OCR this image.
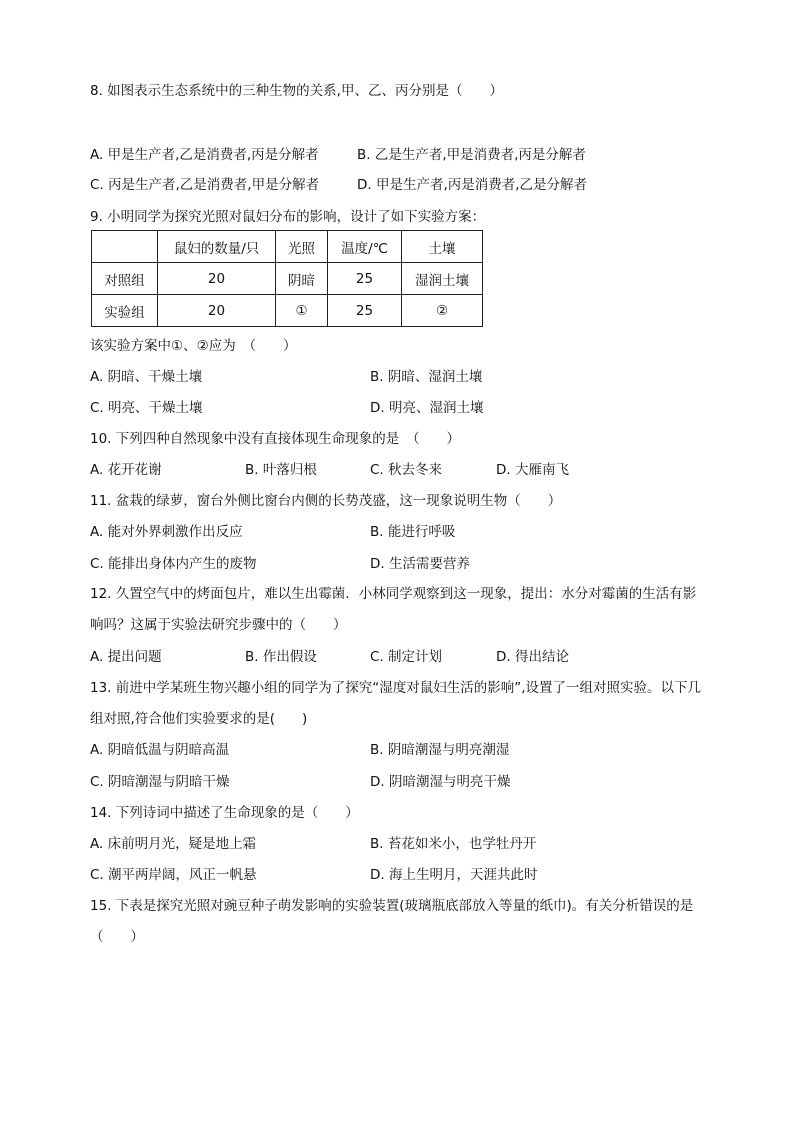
8. 如图表示生态系统中的三种生物的关系,甲、乙、丙分别是（　　）
A. 甲是生产者,乙是消费者,丙是分解者	B. 乙是生产者,甲是消费者,丙是分解者
C. 丙是生产者,乙是消费者,甲是分解者	D. 甲是生产者,丙是消费者,乙是分解者
9. 小明同学为探究光照对鼠妇分布的影响，设计了如下实验方案：
	鼠妇的数量/只	光照	温度/℃	土壤
对照组	20	阴暗	25	湿润土壤
实验组	20	①	25	②
该实验方案中①、②应为　（　　）
A. 阴暗、干燥土壤	B. 阴暗、湿润土壤
C. 明亮、干燥土壤	D. 明亮、湿润土壤
10. 下列四种自然现象中没有直接体现生命现象的是　（　　）
A. 花开花谢	B. 叶落归根	C. 秋去冬来	D. 大雁南飞
11. 盆栽的绿萝，窗台外侧比窗台内侧的长势茂盛，这一现象说明生物（　　）
A. 能对外界刺激作出反应	B. 能进行呼吸
C. 能排出身体内产生的废物	D. 生活需要营养
12. 久置空气中的烤面包片，难以生出霉菌．小林同学观察到这一现象，提出：水分对霉菌的生活有影响吗？这属于实验法研究步骤中的（　　）
A. 提出问题	B. 作出假设	C. 制定计划	D. 得出结论
13. 前进中学某班生物兴趣小组的同学为了探究“湿度对鼠妇生活的影响”,设置了一组对照实验。以下几组对照,符合他们实验要求的是(　　)
A. 阴暗低温与阴暗高温	B. 阴暗潮湿与明亮潮湿
C. 阴暗潮湿与阴暗干燥	D. 阴暗潮湿与明亮干燥
14. 下列诗词中描述了生命现象的是（　　）
A. 床前明月光，疑是地上霜	B. 苔花如米小，也学牡丹开
C. 潮平两岸阔，风正一帆悬	D. 海上生明月，天涯共此时
15. 下表是探究光照对豌豆种子萌发影响的实验装置(玻璃瓶底部放入等量的纸巾)。有关分析错误的是（　　）
